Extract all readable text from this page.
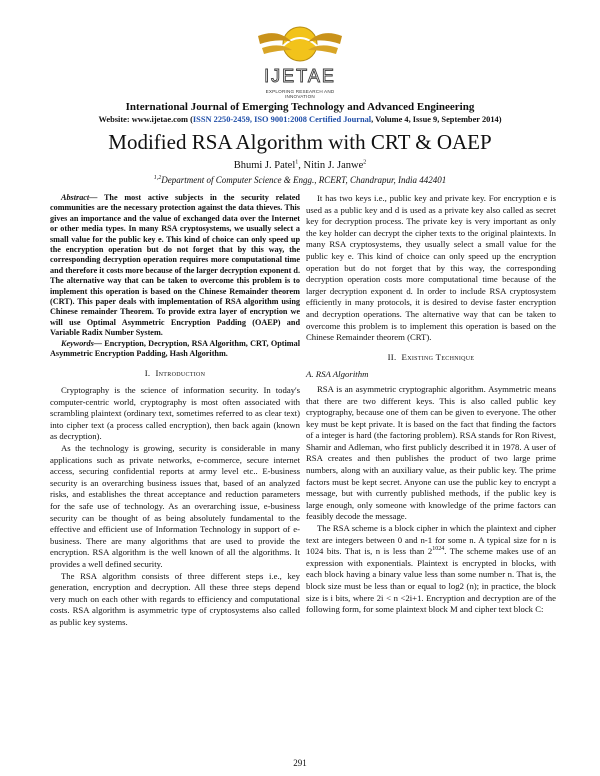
IJETAE
EXPLORING RESEARCH AND INNOVATION
International Journal of Emerging Technology and Advanced Engineering
Website: www.ijetae.com (ISSN 2250-2459, ISO 9001:2008 Certified Journal, Volume 4, Issue 9, September 2014)
Modified RSA Algorithm with CRT & OAEP
Bhumi J. Patel$^1$, Nitin J. Janwe$^2$
$^{1,2}$Department of Computer Science & Engg., RCERT, Chandrapur, India 442401

Abstract— The most active subjects in the security related communities are the necessary protection against the data thieves. This gives an importance and the value of exchanged data over the Internet or other media types. In many RSA cryptosystems, we usually select a small value for the public key e. This kind of choice can only speed up the encryption operation but do not forget that by this way, the corresponding decryption operation requires more computational time and therefore it costs more because of the larger decryption exponent d. The alternative way that can be taken to overcome this problem is to implement this operation is based on the Chinese Remainder theorem (CRT). This paper deals with implementation of RSA algorithm using Chinese remainder Theorem. To provide extra layer of encryption we will use Optimal Asymmetric Encryption Padding (OAEP) and Variable Radix Number System.

Keywords— Encryption, Decryption, RSA Algorithm, CRT, Optimal Asymmetric Encryption Padding, Hash Algorithm.

I. Introduction

Cryptography is the science of information security. In today's computer-centric world, cryptography is most often associated with scrambling plaintext (ordinary text, sometimes referred to as clear text) into cipher text (a process called encryption), then back again (known as decryption).

As the technology is growing, security is considerable in many applications such as private networks, e-commerce, secure internet access, securing confidential reports at army level etc.. E-business security is an overarching business issues that, based of an analyzed risks, and establishes the threat acceptance and reduction parameters for the safe use of technology. As an overarching issue, e-business security can be thought of as being absolutely fundamental to the effective and efficient use of Information Technology in support of e-business. There are many algorithms that are used to provide the encryption. RSA algorithm is the well known of all the algorithms. It provides a well defined security.

The RSA algorithm consists of three different steps i.e., key generation, encryption and decryption. All these three steps depend very much on each other with regards to efficiency and computational costs. RSA algorithm is asymmetric type of cryptosystems also called as public key systems.

It has two keys i.e., public key and private key. For encryption e is used as a public key and d is used as a private key also called as secret key for decryption process. The private key is very important as only the key holder can decrypt the cipher texts to the original plaintexts. In many RSA cryptosystems, they usually select a small value for the public key e. This kind of choice can only speed up the encryption operation but do not forget that by this way, the corresponding decryption operation costs more computational time because of the larger decryption exponent d. In order to include RSA cryptosystem efficiently in many protocols, it is desired to devise faster encryption and decryption operations. The alternative way that can be taken to overcome this problem is to implement this operation is based on the Chinese Remainder theorem (CRT).

II. Existing Technique
A. RSA Algorithm

RSA is an asymmetric cryptographic algorithm. Asymmetric means that there are two different keys. This is also called public key cryptography, because one of them can be given to everyone. The other key must be kept private. It is based on the fact that finding the factors of a integer is hard (the factoring problem). RSA stands for Ron Rivest, Shamir and Adleman, who first publicly described it in 1978. A user of RSA creates and then publishes the product of two large prime numbers, along with an auxiliary value, as their public key. The prime factors must be kept secret. Anyone can use the public key to encrypt a message, but with currently published methods, if the public key is large enough, only someone with knowledge of the prime factors can feasibly decode the message.

The RSA scheme is a block cipher in which the plaintext and cipher text are integers between 0 and n-1 for some n. A typical size for n is 1024 bits. That is, n is less than $2^{1024}$. The scheme makes use of an expression with exponentials. Plaintext is encrypted in blocks, with each block having a binary value less than some number n. That is, the block size must be less than or equal to log2 (n); in practice, the block size is i bits, where 2i < n <2i+1. Encryption and decryption are of the following form, for some plaintext block M and cipher text block C:

291
